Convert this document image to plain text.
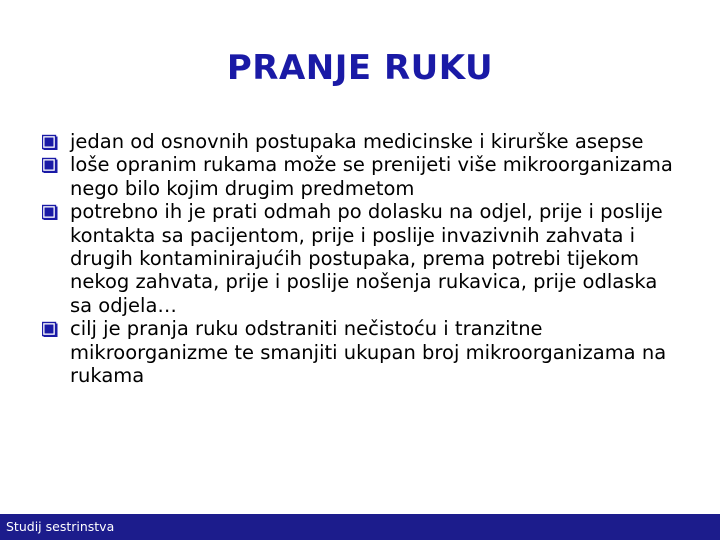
PRANJE RUKU
jedan od osnovnih postupaka medicinske i kirurške asepse
loše opranim rukama može se prenijeti više mikroorganizama nego bilo kojim drugim predmetom
potrebno ih je prati odmah po dolasku na odjel, prije i poslije kontakta sa pacijentom, prije i poslije invazivnih zahvata i drugih kontaminirajućih postupaka, prema potrebi tijekom nekog zahvata, prije i poslije nošenja rukavica, prije odlaska sa odjela…
cilj je pranja ruku odstraniti nečistoću i tranzitne mikroorganizme te smanjiti ukupan broj mikroorganizama na rukama
Studij sestrinstva
